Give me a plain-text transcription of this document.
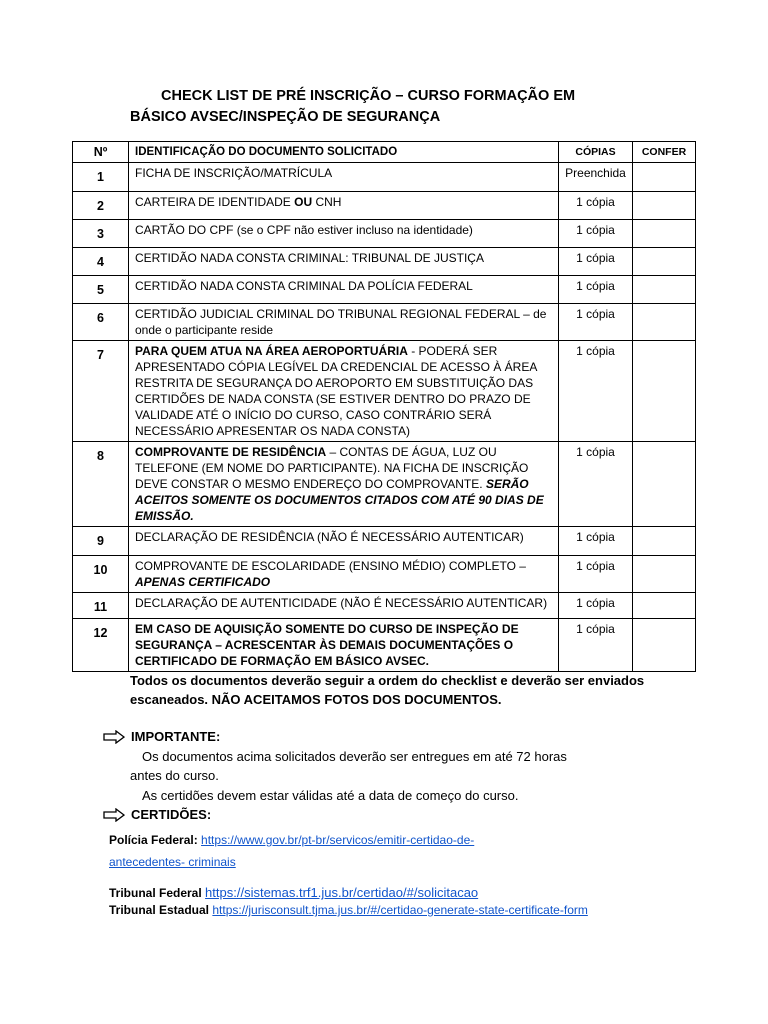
CHECK LIST DE PRÉ INSCRIÇÃO – CURSO FORMAÇÃO EM
BÁSICO AVSEC/INSPEÇÃO DE SEGURANÇA
Nº	IDENTIFICAÇÃO DO DOCUMENTO SOLICITADO	CÓPIAS	CONFER
1	FICHA DE INSCRIÇÃO/MATRÍCULA	Preenchida	
2	CARTEIRA DE IDENTIDADE OU CNH	1 cópia	
3	CARTÃO DO CPF (se o CPF não estiver incluso na identidade)	1 cópia	
4	CERTIDÃO NADA CONSTA CRIMINAL: TRIBUNAL DE JUSTIÇA	1 cópia	
5	CERTIDÃO NADA CONSTA CRIMINAL DA POLÍCIA FEDERAL	1 cópia	
6	CERTIDÃO JUDICIAL CRIMINAL DO TRIBUNAL REGIONAL FEDERAL – de onde o participante reside	1 cópia	
7	PARA QUEM ATUA NA ÁREA AEROPORTUÁRIA - PODERÁ SER APRESENTADO CÓPIA LEGÍVEL DA CREDENCIAL DE ACESSO À ÁREA RESTRITA DE SEGURANÇA DO AEROPORTO EM SUBSTITUIÇÃO DAS CERTIDÕES DE NADA CONSTA (SE ESTIVER DENTRO DO PRAZO DE VALIDADE ATÉ O INÍCIO DO CURSO, CASO CONTRÁRIO SERÁ NECESSÁRIO APRESENTAR OS NADA CONSTA)	1 cópia	
8	COMPROVANTE DE RESIDÊNCIA – CONTAS DE ÁGUA, LUZ OU TELEFONE (EM NOME DO PARTICIPANTE). NA FICHA DE INSCRIÇÃO DEVE CONSTAR O MESMO ENDEREÇO DO COMPROVANTE. SERÃO ACEITOS SOMENTE OS DOCUMENTOS CITADOS COM ATÉ 90 DIAS DE EMISSÃO.	1 cópia	
9	DECLARAÇÃO DE RESIDÊNCIA (NÃO É NECESSÁRIO AUTENTICAR)	1 cópia	
10	COMPROVANTE DE ESCOLARIDADE (ENSINO MÉDIO) COMPLETO – APENAS CERTIFICADO	1 cópia	
11	DECLARAÇÃO DE AUTENTICIDADE (NÃO É NECESSÁRIO AUTENTICAR)	1 cópia	
12	EM CASO DE AQUISIÇÃO SOMENTE DO CURSO DE INSPEÇÃO DE SEGURANÇA – ACRESCENTAR ÀS DEMAIS DOCUMENTAÇÕES O CERTIFICADO DE FORMAÇÃO EM BÁSICO AVSEC.	1 cópia	
Todos os documentos deverão seguir a ordem do checklist e deverão ser enviados escaneados. NÃO ACEITAMOS FOTOS DOS DOCUMENTOS.
IMPORTANTE:
Os documentos acima solicitados deverão ser entregues em até 72 horas
antes do curso.
As certidões devem estar válidas até a data de começo do curso.
CERTIDÕES:
Polícia Federal: https://www.gov.br/pt-br/servicos/emitir-certidao-de-
antecedentes- criminais
Tribunal Federal https://sistemas.trf1.jus.br/certidao/#/solicitacao
Tribunal Estadual https://jurisconsult.tjma.jus.br/#/certidao-generate-state-certificate-form
